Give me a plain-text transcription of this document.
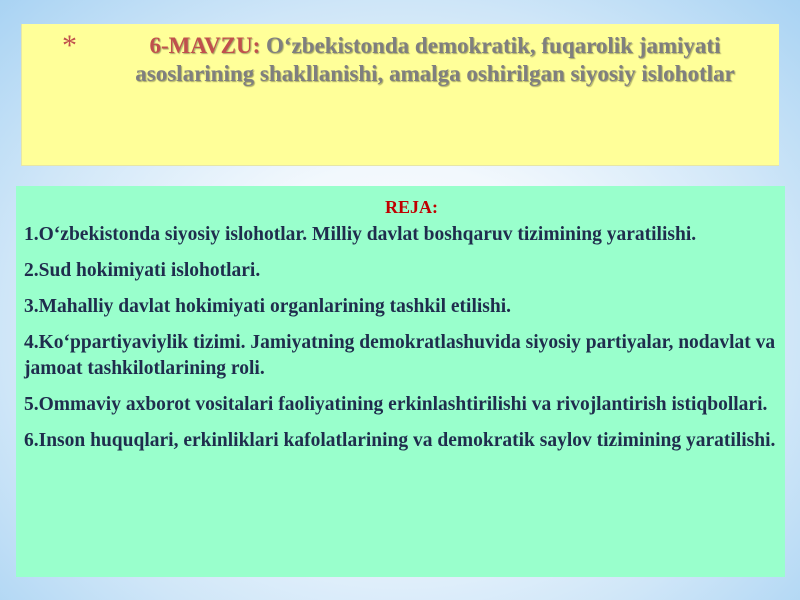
*	6-MAVZU: O‘zbekistonda demokratik, fuqarolik jamiyati asoslarining shakllanishi, amalga oshirilgan siyosiy islohotlar
REJA:
1.O‘zbekistonda siyosiy islohotlar. Milliy davlat boshqaruv tizimining yaratilishi.
2.Sud hokimiyati islohotlari.
3.Mahalliy davlat hokimiyati organlarining tashkil etilishi.
4.Ko‘ppartiyaviylik tizimi. Jamiyatning demokratlashuvida siyosiy partiyalar, nodavlat va jamoat tashkilotlarining roli.
5.Ommaviy axborot vositalari faoliyatining erkinlashtirilishi va rivojlantirish istiqbollari.
6.Inson huquqlari, erkinliklari kafolatlarining va demokratik saylov tizimining yaratilishi.
